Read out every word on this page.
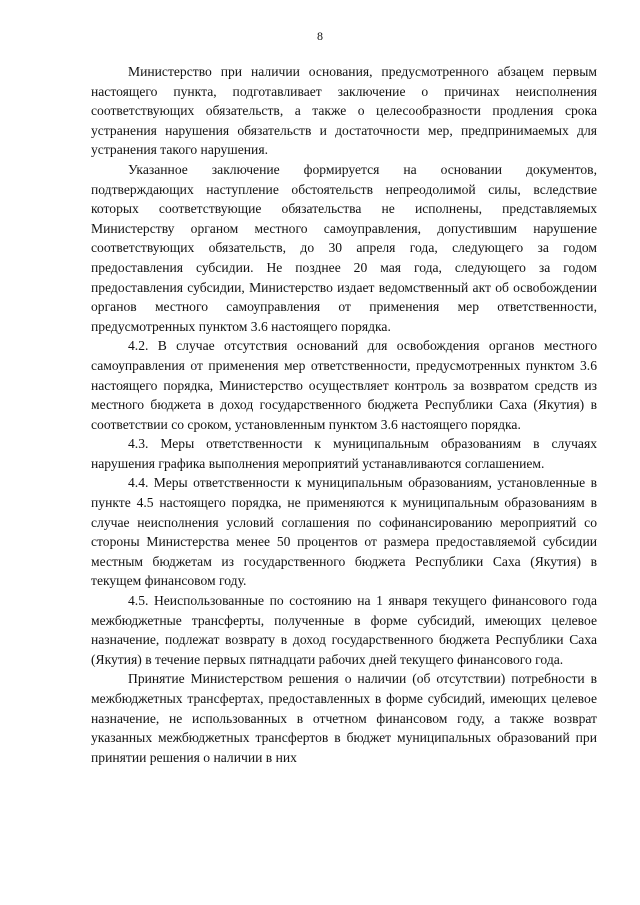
8

Министерство при наличии основания, предусмотренного абзацем первым настоящего пункта, подготавливает заключение о причинах неисполнения соответствующих обязательств, а также о целесообразности продления срока устранения нарушения обязательств и достаточности мер, предпринимаемых для устранения такого нарушения.

Указанное заключение формируется на основании документов, подтверждающих наступление обстоятельств непреодолимой силы, вследствие которых соответствующие обязательства не исполнены, представляемых Министерству органом местного самоуправления, допустившим нарушение соответствующих обязательств, до 30 апреля года, следующего за годом предоставления субсидии. Не позднее 20 мая года, следующего за годом предоставления субсидии, Министерство издает ведомственный акт об освобождении органов местного самоуправления от применения мер ответственности, предусмотренных пунктом 3.6 настоящего порядка.

4.2. В случае отсутствия оснований для освобождения органов местного самоуправления от применения мер ответственности, предусмотренных пунктом 3.6 настоящего порядка, Министерство осуществляет контроль за возвратом средств из местного бюджета в доход государственного бюджета Республики Саха (Якутия) в соответствии со сроком, установленным пунктом 3.6 настоящего порядка.

4.3. Меры ответственности к муниципальным образованиям в случаях нарушения графика выполнения мероприятий устанавливаются соглашением.

4.4. Меры ответственности к муниципальным образованиям, установленные в пункте 4.5 настоящего порядка, не применяются к муниципальным образованиям в случае неисполнения условий соглашения по софинансированию мероприятий со стороны Министерства менее 50 процентов от размера предоставляемой субсидии местным бюджетам из государственного бюджета Республики Саха (Якутия) в текущем финансовом году.

4.5. Неиспользованные по состоянию на 1 января текущего финансового года межбюджетные трансферты, полученные в форме субсидий, имеющих целевое назначение, подлежат возврату в доход государственного бюджета Республики Саха (Якутия) в течение первых пятнадцати рабочих дней текущего финансового года.

Принятие Министерством решения о наличии (об отсутствии) потребности в межбюджетных трансфертах, предоставленных в форме субсидий, имеющих целевое назначение, не использованных в отчетном финансовом году, а также возврат указанных межбюджетных трансфертов в бюджет муниципальных образований при принятии решения о наличии в них
